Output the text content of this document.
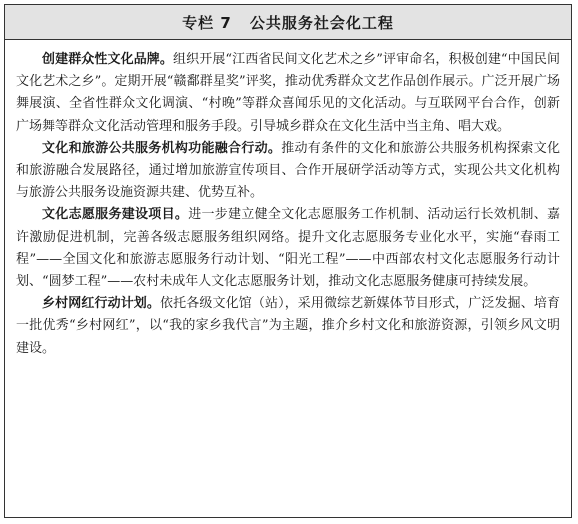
专栏 7 公共服务社会化工程

创建群众性文化品牌。组织开展“江西省民间文化艺术之乡”评审命名，积极创建“中国民间文化艺术之乡”。定期开展“赣鄱群星奖”评奖，推动优秀群众文艺作品创作展示。广泛开展广场舞展演、全省性群众文化调演、“村晚”等群众喜闻乐见的文化活动。与互联网平台合作，创新广场舞等群众文化活动管理和服务手段。引导城乡群众在文化生活中当主角、唱大戏。

文化和旅游公共服务机构功能融合行动。推动有条件的文化和旅游公共服务机构探索文化和旅游融合发展路径，通过增加旅游宣传项目、合作开展研学活动等方式，实现公共文化机构与旅游公共服务设施资源共建、优势互补。

文化志愿服务建设项目。进一步建立健全文化志愿服务工作机制、活动运行长效机制、嘉许激励促进机制，完善各级志愿服务组织网络。提升文化志愿服务专业化水平，实施“春雨工程”——全国文化和旅游志愿服务行动计划、“阳光工程”——中西部农村文化志愿服务行动计划、“圆梦工程”——农村未成年人文化志愿服务计划，推动文化志愿服务健康可持续发展。

乡村网红行动计划。依托各级文化馆（站），采用微综艺新媒体节目形式，广泛发掘、培育一批优秀“乡村网红”，以“我的家乡我代言”为主题，推介乡村文化和旅游资源，引领乡风文明建设。
